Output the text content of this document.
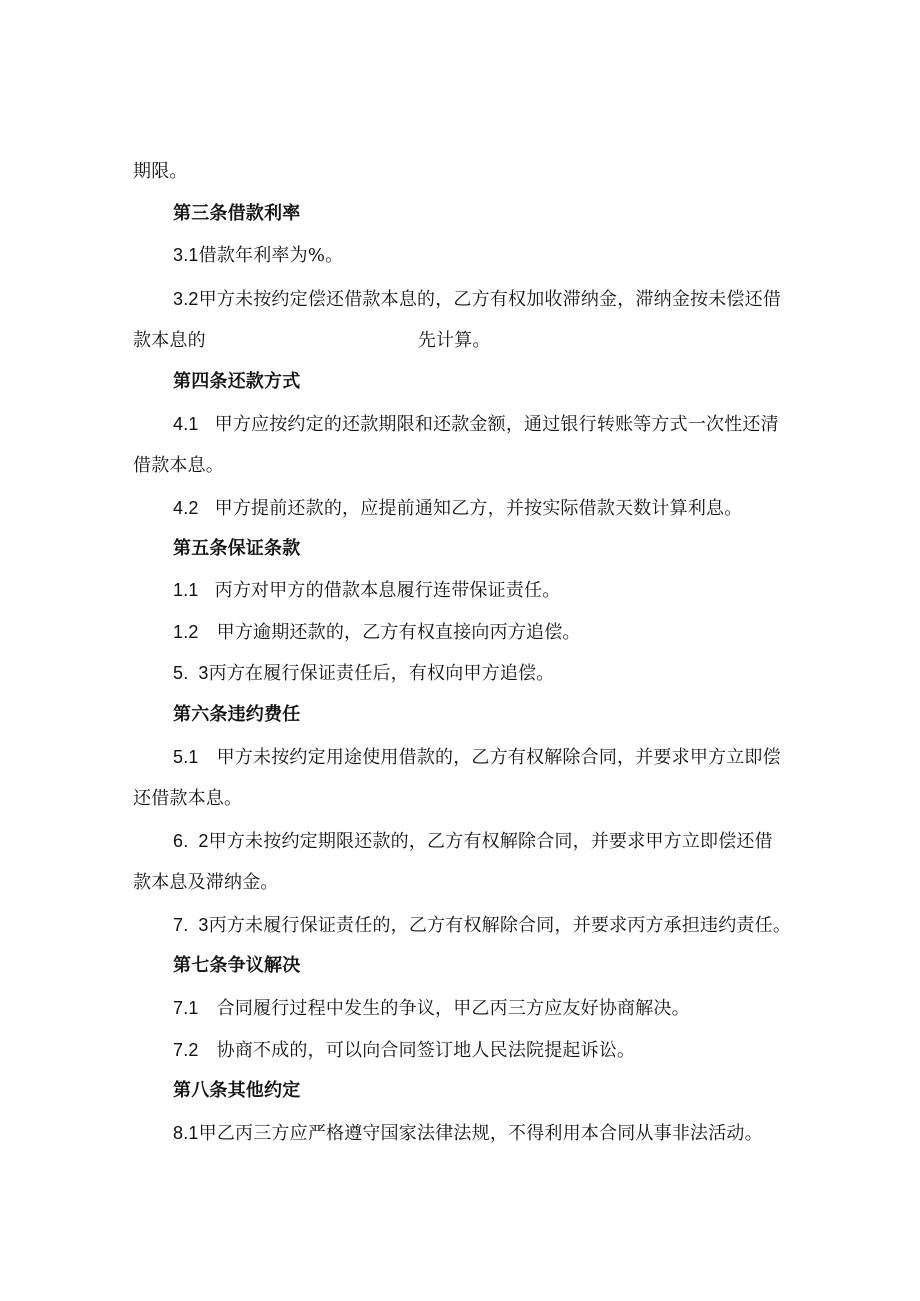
期限。

第三条借款利率

3.1借款年利率为%。

3.2甲方未按约定偿还借款本息的，乙方有权加收滞纳金，滞纳金按未偿还借

款本息的	先计算。

第四条还款方式

4.1 甲方应按约定的还款期限和还款金额，通过银行转账等方式一次性还清

借款本息。

4.2 甲方提前还款的，应提前通知乙方，并按实际借款天数计算利息。

第五条保证条款

1.1 丙方对甲方的借款本息履行连带保证责任。

1.2 甲方逾期还款的，乙方有权直接向丙方追偿。

5. 3丙方在履行保证责任后，有权向甲方追偿。

第六条违约费任

5.1 甲方未按约定用途使用借款的，乙方有权解除合同，并要求甲方立即偿

还借款本息。

6. 2甲方未按约定期限还款的，乙方有权解除合同，并要求甲方立即偿还借

款本息及滞纳金。

7. 3丙方未履行保证责任的，乙方有权解除合同，并要求丙方承担违约责任。

第七条争议解决

7.1 合同履行过程中发生的争议，甲乙丙三方应友好协商解决。

7.2 协商不成的，可以向合同签订地人民法院提起诉讼。

第八条其他约定

8.1甲乙丙三方应严格遵守国家法律法规，不得利用本合同从事非法活动。
